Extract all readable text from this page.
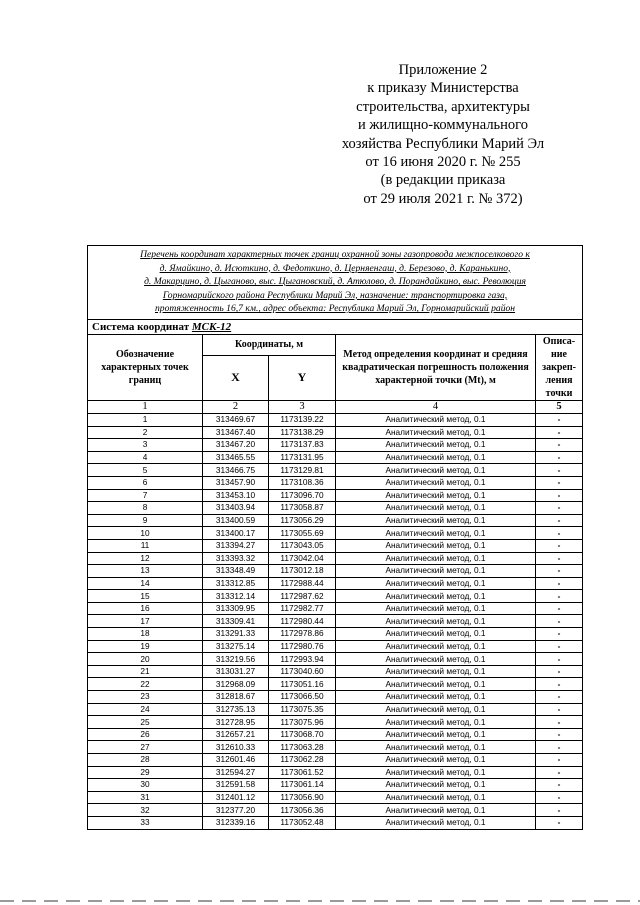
Приложение 2
к приказу Министерства
строительства, архитектуры
и жилищно-коммунального
хозяйства Республики Марий Эл
от 16 июня 2020 г. № 255
(в редакции приказа
от 29 июля 2021 г. № 372)
Перечень координат характерных точек границ охранной зоны газопровода межпоселкового к
д. Ямайкино, д. Исюткино, д. Федоткино, д. Церняенгаш, д. Березово, д. Каранькино,
д. Макарцино, д. Цыганово, выс. Цыгановский, д. Атюлово, д. Порандайкино, выс. Революция
Горномарийского района Республики Марий Эл, назначение: транспортировка газа,
протяженность 16,7 км., адрес объекта: Республика Марий Эл, Горномарийский район				
Система координат МСК-12				
Обозначение характерных точек границ	Координаты, м		Метод определения координат и средняя квадратическая погрешность положения характерной точки (Mt), м	Описа-ние закреп-ления точки
	X	Y		
1	2	3	4	5
1	313469.67	1173139.22	Аналитический метод, 0.1	-
2	313467.40	1173138.29	Аналитический метод, 0.1	-
3	313467.20	1173137.83	Аналитический метод, 0.1	-
4	313465.55	1173131.95	Аналитический метод, 0.1	-
5	313466.75	1173129.81	Аналитический метод, 0.1	-
6	313457.90	1173108.36	Аналитический метод, 0.1	-
7	313453.10	1173096.70	Аналитический метод, 0.1	-
8	313403.94	1173058.87	Аналитический метод, 0.1	-
9	313400.59	1173056.29	Аналитический метод, 0.1	-
10	313400.17	1173055.69	Аналитический метод, 0.1	-
11	313394.27	1173043.05	Аналитический метод, 0.1	-
12	313393.32	1173042.04	Аналитический метод, 0.1	-
13	313348.49	1173012.18	Аналитический метод, 0.1	-
14	313312.85	1172988.44	Аналитический метод, 0.1	-
15	313312.14	1172987.62	Аналитический метод, 0.1	-
16	313309.95	1172982.77	Аналитический метод, 0.1	-
17	313309.41	1172980.44	Аналитический метод, 0.1	-
18	313291.33	1172978.86	Аналитический метод, 0.1	-
19	313275.14	1172980.76	Аналитический метод, 0.1	-
20	313219.56	1172993.94	Аналитический метод, 0.1	-
21	313031.27	1173040.60	Аналитический метод, 0.1	-
22	312968.09	1173051.16	Аналитический метод, 0.1	-
23	312818.67	1173066.50	Аналитический метод, 0.1	-
24	312735.13	1173075.35	Аналитический метод, 0.1	-
25	312728.95	1173075.96	Аналитический метод, 0.1	-
26	312657.21	1173068.70	Аналитический метод, 0.1	-
27	312610.33	1173063.28	Аналитический метод, 0.1	-
28	312601.46	1173062.28	Аналитический метод, 0.1	-
29	312594.27	1173061.52	Аналитический метод, 0.1	-
30	312591.58	1173061.14	Аналитический метод, 0.1	-
31	312401.12	1173056.90	Аналитический метод, 0.1	-
32	312377.20	1173056.36	Аналитический метод, 0.1	-
33	312339.16	1173052.48	Аналитический метод, 0.1	-
